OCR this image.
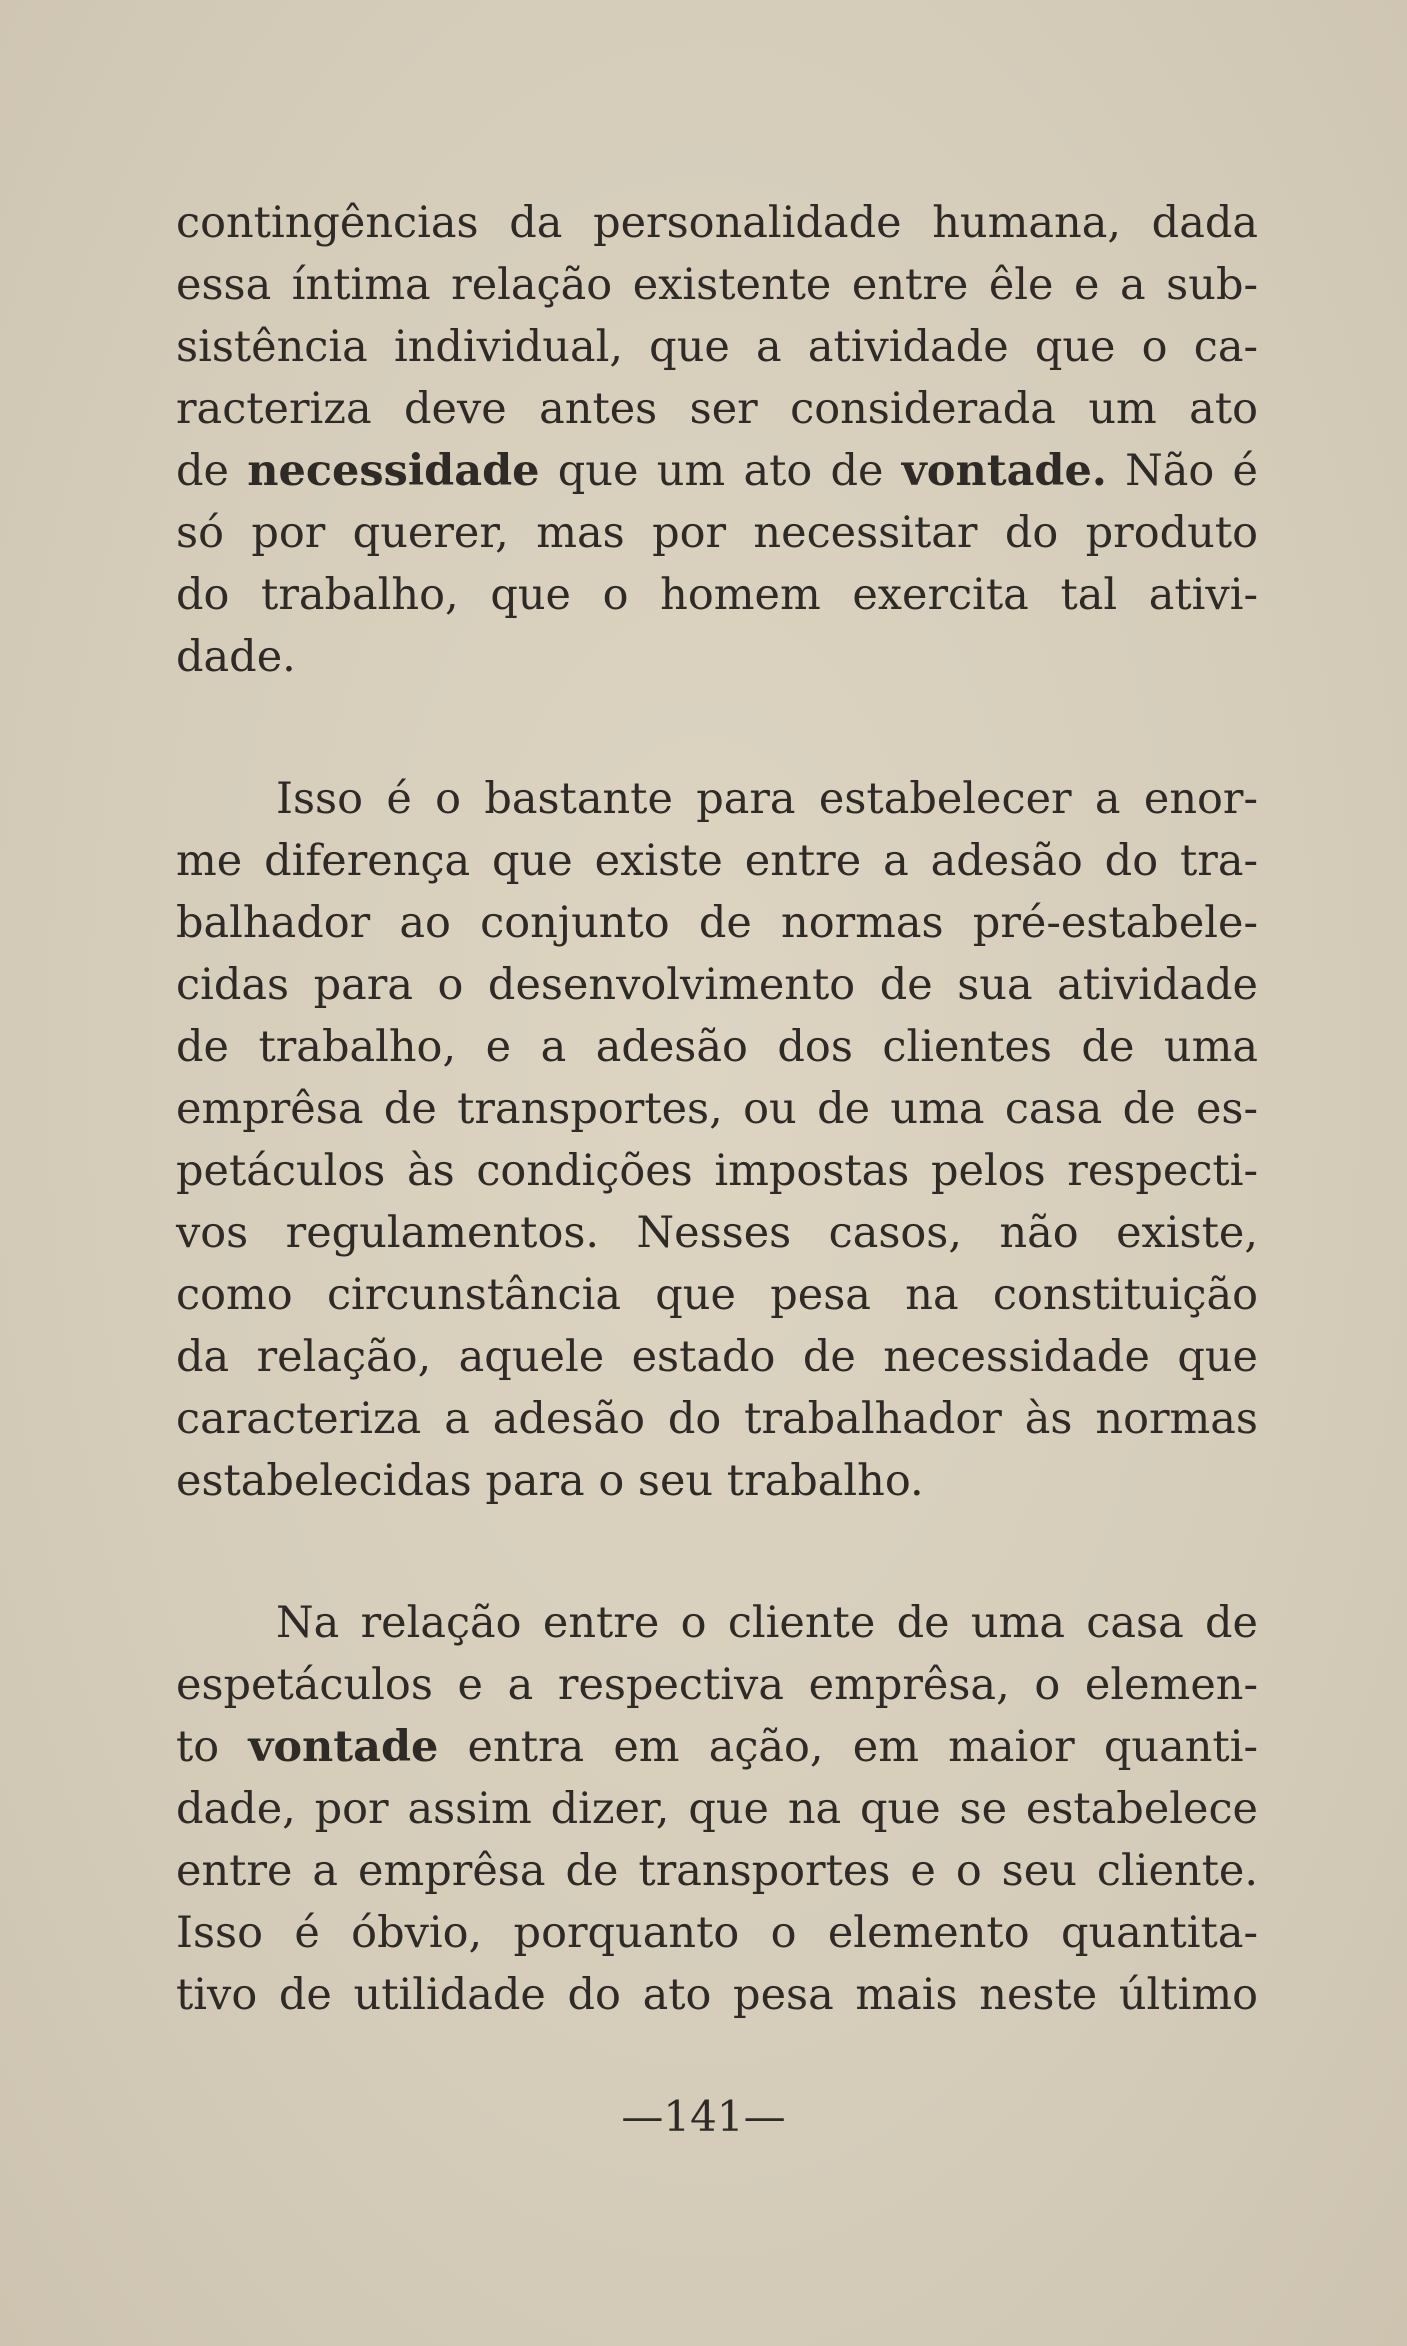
contingências da personalidade humana, dada
essa íntima relação existente entre êle e a sub-
sistência individual, que a atividade que o ca-
racteriza deve antes ser considerada um ato
de necessidade que um ato de vontade. Não é
só por querer, mas por necessitar do produto
do trabalho, que o homem exercita tal ativi-
dade.
Isso é o bastante para estabelecer a enor-
me diferença que existe entre a adesão do tra-
balhador ao conjunto de normas pré-estabele-
cidas para o desenvolvimento de sua atividade
de trabalho, e a adesão dos clientes de uma
emprêsa de transportes, ou de uma casa de es-
petáculos às condições impostas pelos respecti-
vos regulamentos. Nesses casos, não existe,
como circunstância que pesa na constituição
da relação, aquele estado de necessidade que
caracteriza a adesão do trabalhador às normas
estabelecidas para o seu trabalho.
Na relação entre o cliente de uma casa de
espetáculos e a respectiva emprêsa, o elemen-
to vontade entra em ação, em maior quanti-
dade, por assim dizer, que na que se estabelece
entre a emprêsa de transportes e o seu cliente.
Isso é óbvio, porquanto o elemento quantita-
tivo de utilidade do ato pesa mais neste último
—141—
